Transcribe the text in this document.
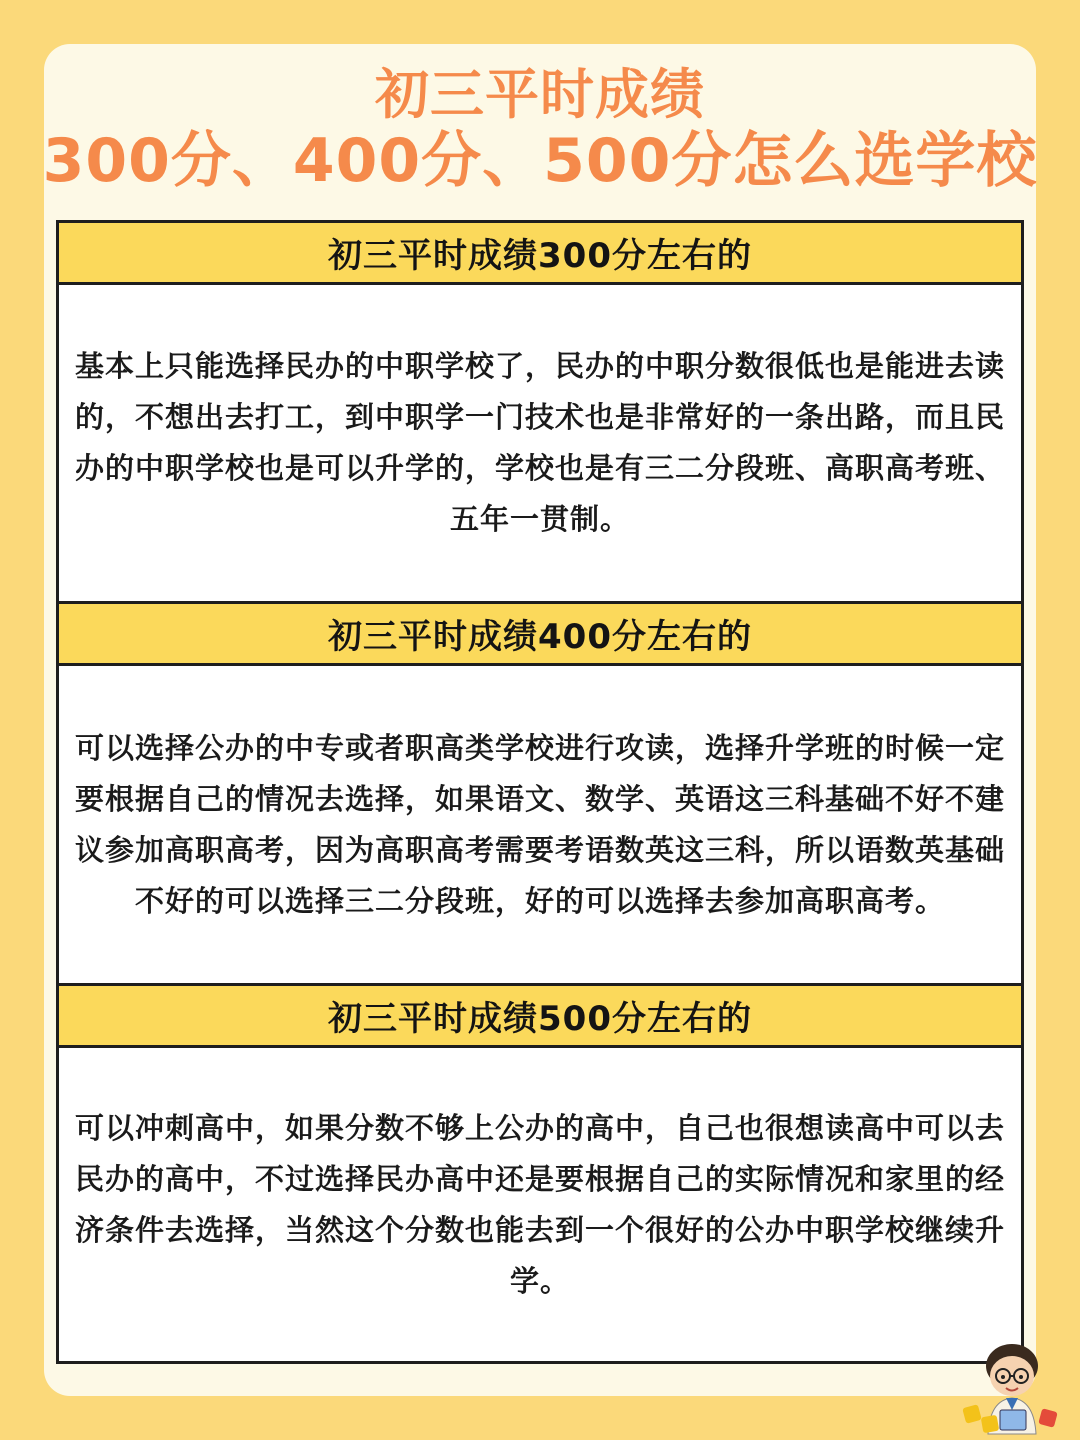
初三平时成绩
300分、400分、500分怎么选学校
初三平时成绩300分左右的

基本上只能选择民办的中职学校了，民办的中职分数很低也是能进去读的，不想出去打工，到中职学一门技术也是非常好的一条出路，而且民办的中职学校也是可以升学的，学校也是有三二分段班、高职高考班、五年一贯制。

初三平时成绩400分左右的

可以选择公办的中专或者职高类学校进行攻读，选择升学班的时候一定要根据自己的情况去选择，如果语文、数学、英语这三科基础不好不建议参加高职高考，因为高职高考需要考语数英这三科，所以语数英基础不好的可以选择三二分段班，好的可以选择去参加高职高考。

初三平时成绩500分左右的

可以冲刺高中，如果分数不够上公办的高中，自己也很想读高中可以去民办的高中，不过选择民办高中还是要根据自己的实际情况和家里的经济条件去选择，当然这个分数也能去到一个很好的公办中职学校继续升学。
